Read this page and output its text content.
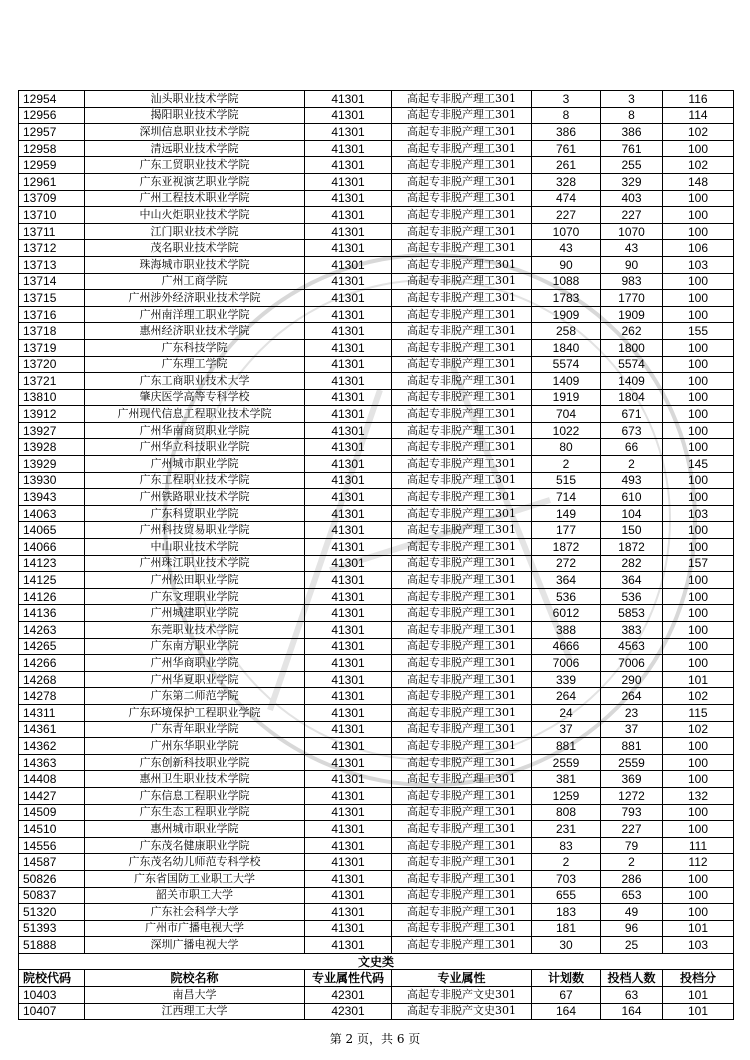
12954	汕头职业技术学院	41301	高起专非脱产理工301	3	3	116
12956	揭阳职业技术学院	41301	高起专非脱产理工301	8	8	114
12957	深圳信息职业技术学院	41301	高起专非脱产理工301	386	386	102
12958	清远职业技术学院	41301	高起专非脱产理工301	761	761	100
12959	广东工贸职业技术学院	41301	高起专非脱产理工301	261	255	102
12961	广东亚视演艺职业学院	41301	高起专非脱产理工301	328	329	148
13709	广州工程技术职业学院	41301	高起专非脱产理工301	474	403	100
13710	中山火炬职业技术学院	41301	高起专非脱产理工301	227	227	100
13711	江门职业技术学院	41301	高起专非脱产理工301	1070	1070	100
13712	茂名职业技术学院	41301	高起专非脱产理工301	43	43	106
13713	珠海城市职业技术学院	41301	高起专非脱产理工301	90	90	103
13714	广州工商学院	41301	高起专非脱产理工301	1088	983	100
13715	广州涉外经济职业技术学院	41301	高起专非脱产理工301	1783	1770	100
13716	广州南洋理工职业学院	41301	高起专非脱产理工301	1909	1909	100
13718	惠州经济职业技术学院	41301	高起专非脱产理工301	258	262	155
13719	广东科技学院	41301	高起专非脱产理工301	1840	1800	100
13720	广东理工学院	41301	高起专非脱产理工301	5574	5574	100
13721	广东工商职业技术大学	41301	高起专非脱产理工301	1409	1409	100
13810	肇庆医学高等专科学校	41301	高起专非脱产理工301	1919	1804	100
13912	广州现代信息工程职业技术学院	41301	高起专非脱产理工301	704	671	100
13927	广州华南商贸职业学院	41301	高起专非脱产理工301	1022	673	100
13928	广州华立科技职业学院	41301	高起专非脱产理工301	80	66	100
13929	广州城市职业学院	41301	高起专非脱产理工301	2	2	145
13930	广东工程职业技术学院	41301	高起专非脱产理工301	515	493	100
13943	广州铁路职业技术学院	41301	高起专非脱产理工301	714	610	100
14063	广东科贸职业学院	41301	高起专非脱产理工301	149	104	103
14065	广州科技贸易职业学院	41301	高起专非脱产理工301	177	150	100
14066	中山职业技术学院	41301	高起专非脱产理工301	1872	1872	100
14123	广州珠江职业技术学院	41301	高起专非脱产理工301	272	282	157
14125	广州松田职业学院	41301	高起专非脱产理工301	364	364	100
14126	广东文理职业学院	41301	高起专非脱产理工301	536	536	100
14136	广州城建职业学院	41301	高起专非脱产理工301	6012	5853	100
14263	东莞职业技术学院	41301	高起专非脱产理工301	388	383	100
14265	广东南方职业学院	41301	高起专非脱产理工301	4666	4563	100
14266	广州华商职业学院	41301	高起专非脱产理工301	7006	7006	100
14268	广州华夏职业学院	41301	高起专非脱产理工301	339	290	101
14278	广东第二师范学院	41301	高起专非脱产理工301	264	264	102
14311	广东环境保护工程职业学院	41301	高起专非脱产理工301	24	23	115
14361	广东青年职业学院	41301	高起专非脱产理工301	37	37	102
14362	广州东华职业学院	41301	高起专非脱产理工301	881	881	100
14363	广东创新科技职业学院	41301	高起专非脱产理工301	2559	2559	100
14408	惠州卫生职业技术学院	41301	高起专非脱产理工301	381	369	100
14427	广东信息工程职业学院	41301	高起专非脱产理工301	1259	1272	132
14509	广东生态工程职业学院	41301	高起专非脱产理工301	808	793	100
14510	惠州城市职业学院	41301	高起专非脱产理工301	231	227	100
14556	广东茂名健康职业学院	41301	高起专非脱产理工301	83	79	111
14587	广东茂名幼儿师范专科学校	41301	高起专非脱产理工301	2	2	112
50826	广东省国防工业职工大学	41301	高起专非脱产理工301	703	286	100
50837	韶关市职工大学	41301	高起专非脱产理工301	655	653	100
51320	广东社会科学大学	41301	高起专非脱产理工301	183	49	100
51393	广州市广播电视大学	41301	高起专非脱产理工301	181	96	101
51888	深圳广播电视大学	41301	高起专非脱产理工301	30	25	103
文史类						
院校代码	院校名称	专业属性代码	专业属性	计划数	投档人数	投档分
10403	南昌大学	42301	高起专非脱产文史301	67	63	101
10407	江西理工大学	42301	高起专非脱产文史301	164	164	101
第 2 页，共 6 页
